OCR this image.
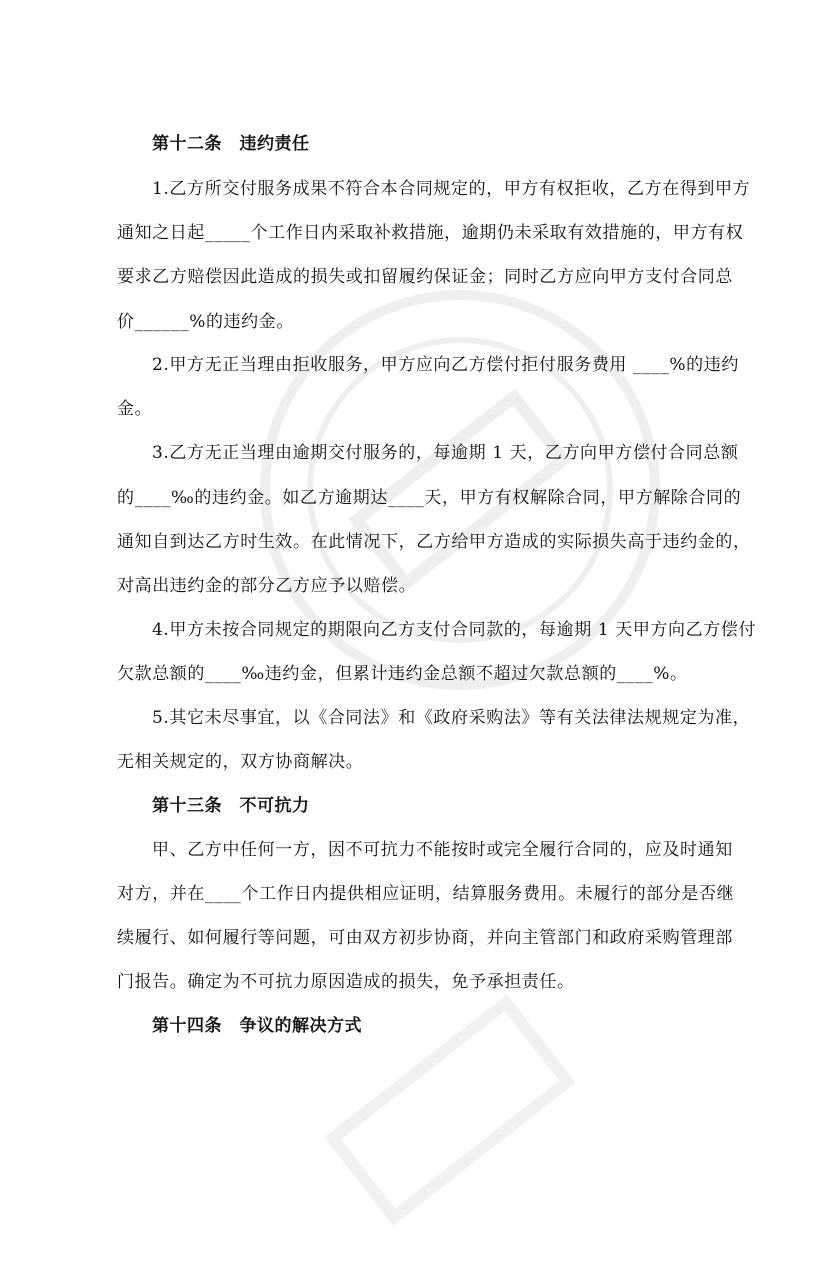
第十二条　违约责任
1.乙方所交付服务成果不符合本合同规定的，甲方有权拒收，乙方在得到甲方
通知之日起_____个工作日内采取补救措施，逾期仍未采取有效措施的，甲方有权
要求乙方赔偿因此造成的损失或扣留履约保证金；同时乙方应向甲方支付合同总
价______%的违约金。
2.甲方无正当理由拒收服务，甲方应向乙方偿付拒付服务费用 ____%的违约
金。
3.乙方无正当理由逾期交付服务的，每逾期 1 天，乙方向甲方偿付合同总额
的____‰的违约金。如乙方逾期达____天，甲方有权解除合同，甲方解除合同的
通知自到达乙方时生效。在此情况下，乙方给甲方造成的实际损失高于违约金的，
对高出违约金的部分乙方应予以赔偿。
4.甲方未按合同规定的期限向乙方支付合同款的，每逾期 1 天甲方向乙方偿付
欠款总额的____‰违约金，但累计违约金总额不超过欠款总额的____%。
5.其它未尽事宜，以《合同法》和《政府采购法》等有关法律法规规定为准，
无相关规定的，双方协商解决。
第十三条　不可抗力
甲、乙方中任何一方，因不可抗力不能按时或完全履行合同的，应及时通知
对方，并在____个工作日内提供相应证明，结算服务费用。未履行的部分是否继
续履行、如何履行等问题，可由双方初步协商，并向主管部门和政府采购管理部
门报告。确定为不可抗力原因造成的损失，免予承担责任。
第十四条　争议的解决方式
